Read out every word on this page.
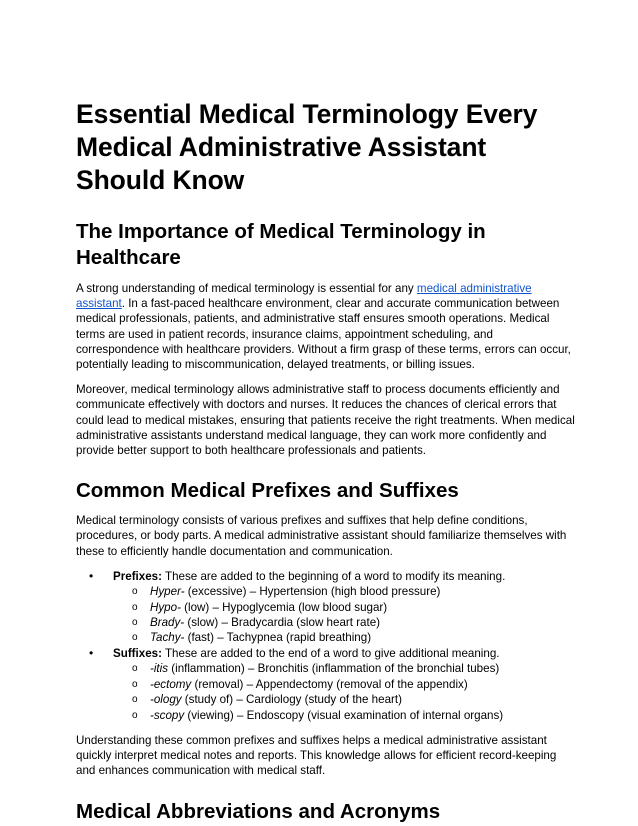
Essential Medical Terminology Every Medical Administrative Assistant Should Know
The Importance of Medical Terminology in Healthcare

A strong understanding of medical terminology is essential for any medical administrative assistant. In a fast-paced healthcare environment, clear and accurate communication between medical professionals, patients, and administrative staff ensures smooth operations. Medical terms are used in patient records, insurance claims, appointment scheduling, and correspondence with healthcare providers. Without a firm grasp of these terms, errors can occur, potentially leading to miscommunication, delayed treatments, or billing issues.

Moreover, medical terminology allows administrative staff to process documents efficiently and communicate effectively with doctors and nurses. It reduces the chances of clerical errors that could lead to medical mistakes, ensuring that patients receive the right treatments. When medical administrative assistants understand medical language, they can work more confidently and provide better support to both healthcare professionals and patients.

Common Medical Prefixes and Suffixes

Medical terminology consists of various prefixes and suffixes that help define conditions, procedures, or body parts. A medical administrative assistant should familiarize themselves with these to efficiently handle documentation and communication.

• Prefixes: These are added to the beginning of a word to modify its meaning.
o Hyper- (excessive) – Hypertension (high blood pressure)
o Hypo- (low) – Hypoglycemia (low blood sugar)
o Brady- (slow) – Bradycardia (slow heart rate)
o Tachy- (fast) – Tachypnea (rapid breathing)
• Suffixes: These are added to the end of a word to give additional meaning.
o -itis (inflammation) – Bronchitis (inflammation of the bronchial tubes)
o -ectomy (removal) – Appendectomy (removal of the appendix)
o -ology (study of) – Cardiology (study of the heart)
o -scopy (viewing) – Endoscopy (visual examination of internal organs)

Understanding these common prefixes and suffixes helps a medical administrative assistant quickly interpret medical notes and reports. This knowledge allows for efficient record-keeping and enhances communication with medical staff.

Medical Abbreviations and Acronyms
